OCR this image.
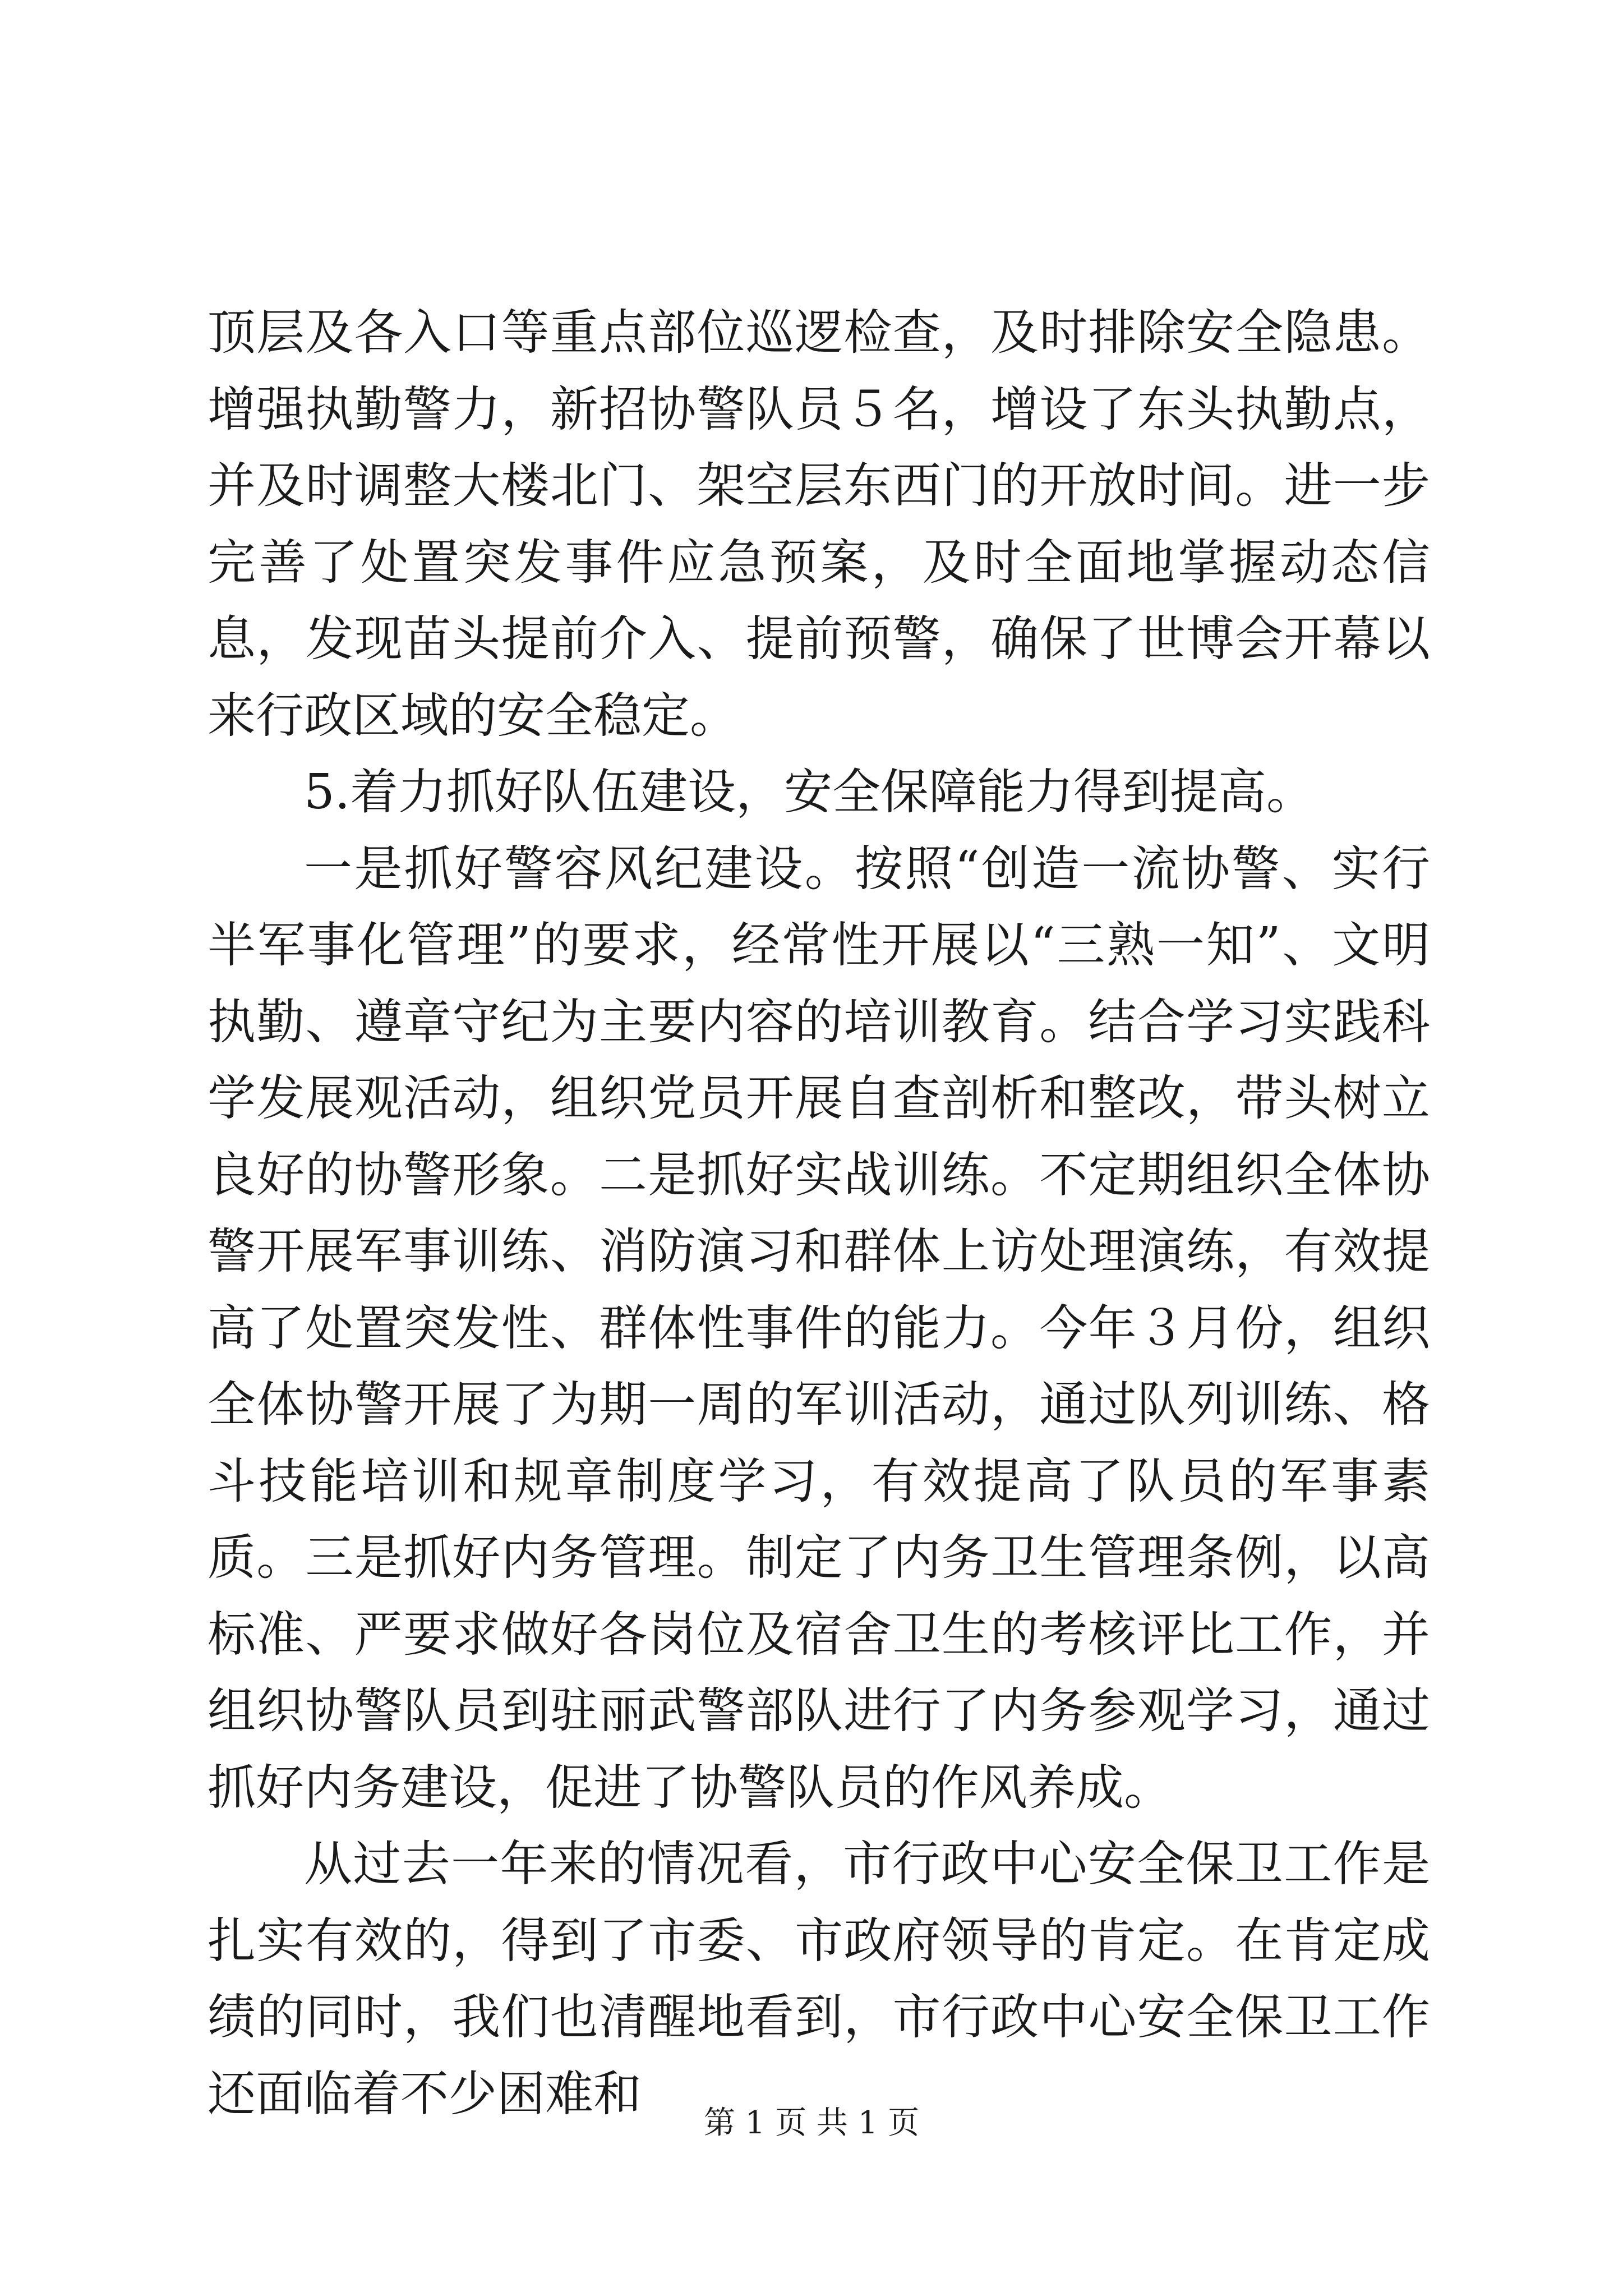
顶层及各入口等重点部位巡逻检查，及时排除安全隐患。增强执勤警力，新招协警队员５名，增设了东头执勤点，并及时调整大楼北门、架空层东西门的开放时间。进一步完善了处置突发事件应急预案，及时全面地掌握动态信息，发现苗头提前介入、提前预警，确保了世博会开幕以来行政区域的安全稳定。

5.着力抓好队伍建设，安全保障能力得到提高。

一是抓好警容风纪建设。按照“创造一流协警、实行半军事化管理”的要求，经常性开展以“三熟一知”、文明执勤、遵章守纪为主要内容的培训教育。结合学习实践科学发展观活动，组织党员开展自查剖析和整改，带头树立良好的协警形象。二是抓好实战训练。不定期组织全体协警开展军事训练、消防演习和群体上访处理演练，有效提高了处置突发性、群体性事件的能力。今年３月份，组织全体协警开展了为期一周的军训活动，通过队列训练、格斗技能培训和规章制度学习，有效提高了队员的军事素质。三是抓好内务管理。制定了内务卫生管理条例，以高标准、严要求做好各岗位及宿舍卫生的考核评比工作，并组织协警队员到驻丽武警部队进行了内务参观学习，通过抓好内务建设，促进了协警队员的作风养成。

从过去一年来的情况看，市行政中心安全保卫工作是扎实有效的，得到了市委、市政府领导的肯定。在肯定成绩的同时，我们也清醒地看到，市行政中心安全保卫工作还面临着不少困难和

第 1 页 共 1 页
